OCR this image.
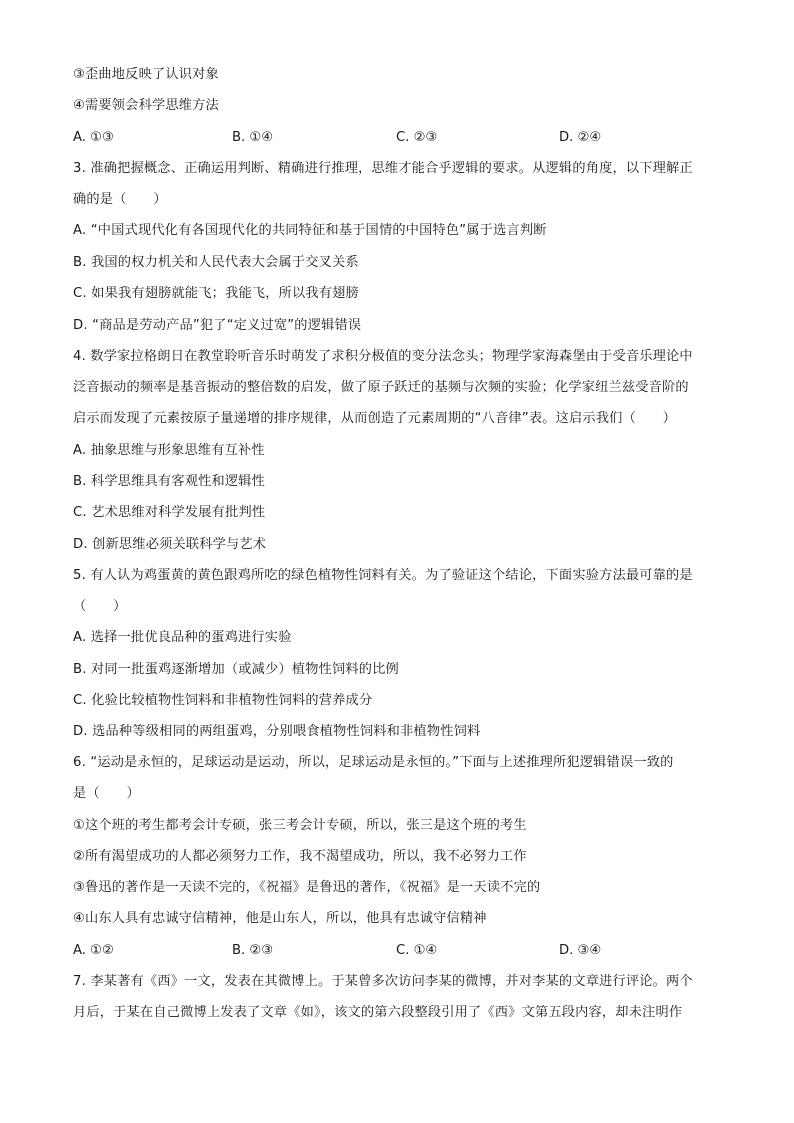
③歪曲地反映了认识对象
④需要领会科学思维方法
A. ①③	B. ①④	C. ②③	D. ②④
3. 准确把握概念、正确运用判断、精确进行推理，思维才能合乎逻辑的要求。从逻辑的角度，以下理解正
确的是（　　）
A. “中国式现代化有各国现代化的共同特征和基于国情的中国特色”属于选言判断
B. 我国的权力机关和人民代表大会属于交叉关系
C. 如果我有翅膀就能飞；我能飞，所以我有翅膀
D. “商品是劳动产品”犯了“定义过宽”的逻辑错误
4. 数学家拉格朗日在教堂聆听音乐时萌发了求积分极值的变分法念头；物理学家海森堡由于受音乐理论中
泛音振动的频率是基音振动的整倍数的启发，做了原子跃迁的基频与次频的实验；化学家纽兰兹受音阶的
启示而发现了元素按原子量递增的排序规律，从而创造了元素周期的“八音律”表。这启示我们（　　）
A. 抽象思维与形象思维有互补性
B. 科学思维具有客观性和逻辑性
C. 艺术思维对科学发展有批判性
D. 创新思维必须关联科学与艺术
5. 有人认为鸡蛋黄的黄色跟鸡所吃的绿色植物性饲料有关。为了验证这个结论，下面实验方法最可靠的是
（　　）
A. 选择一批优良品种的蛋鸡进行实验
B. 对同一批蛋鸡逐渐增加（或减少）植物性饲料的比例
C. 化验比较植物性饲料和非植物性饲料的营养成分
D. 选品种等级相同的两组蛋鸡，分别喂食植物性饲料和非植物性饲料
6. “运动是永恒的，足球运动是运动，所以，足球运动是永恒的。”下面与上述推理所犯逻辑错误一致的
是（　　）
①这个班的考生都考会计专硕，张三考会计专硕，所以，张三是这个班的考生
②所有渴望成功的人都必须努力工作，我不渴望成功，所以，我不必努力工作
③鲁迅的著作是一天读不完的，《祝福》是鲁迅的著作，《祝福》是一天读不完的
④山东人具有忠诚守信精神，他是山东人，所以，他具有忠诚守信精神
A. ①②	B. ②③	C. ①④	D. ③④
7. 李某著有《西》一文，发表在其微博上。于某曾多次访问李某的微博，并对李某的文章进行评论。两个
月后，于某在自己微博上发表了文章《如》，该文的第六段整段引用了《西》文第五段内容，却未注明作
